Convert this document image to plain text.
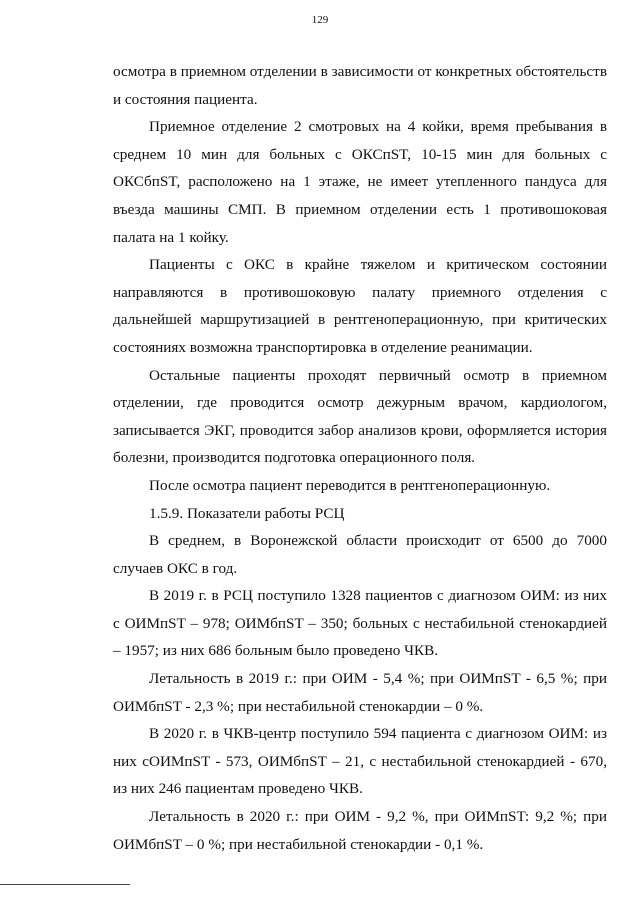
129

осмотра в приемном отделении в зависимости от конкретных обстоятельств и состояния пациента.

Приемное отделение 2 смотровых на 4 койки, время пребывания в среднем 10 мин для больных с ОКСпST, 10-15 мин для больных с ОКСбпST, расположено на 1 этаже, не имеет утепленного пандуса для въезда машины СМП. В приемном отделении есть 1 противошоковая палата на 1 койку.

Пациенты с ОКС в крайне тяжелом и критическом состоянии направляются в противошоковую палату приемного отделения с дальнейшей маршрутизацией в рентгеноперационную, при критических состояниях возможна транспортировка в отделение реанимации.

Остальные пациенты проходят первичный осмотр в приемном отделении, где проводится осмотр дежурным врачом, кардиологом, записывается ЭКГ, проводится забор анализов крови, оформляется история болезни, производится подготовка операционного поля.

После осмотра пациент переводится в рентгеноперационную.

1.5.9. Показатели работы РСЦ

В среднем, в Воронежской области происходит от 6500 до 7000 случаев ОКС в год.

В 2019 г. в РСЦ поступило 1328 пациентов с диагнозом ОИМ: из них с ОИМпST – 978; ОИМбпST – 350; больных с нестабильной стенокардией – 1957; из них 686 больным было проведено ЧКВ.

Летальность в 2019 г.: при ОИМ - 5,4 %; при ОИМпST - 6,5 %; при ОИМбпST - 2,3 %; при нестабильной стенокардии – 0 %.

В 2020 г. в ЧКВ-центр поступило 594 пациента с диагнозом ОИМ: из них сОИМпST - 573, ОИМбпST – 21, с нестабильной стенокардией - 670, из них 246 пациентам проведено ЧКВ.

Летальность в 2020 г.: при ОИМ - 9,2 %, при ОИМпST: 9,2 %; при ОИМбпST – 0 %; при нестабильной стенокардии - 0,1 %.
